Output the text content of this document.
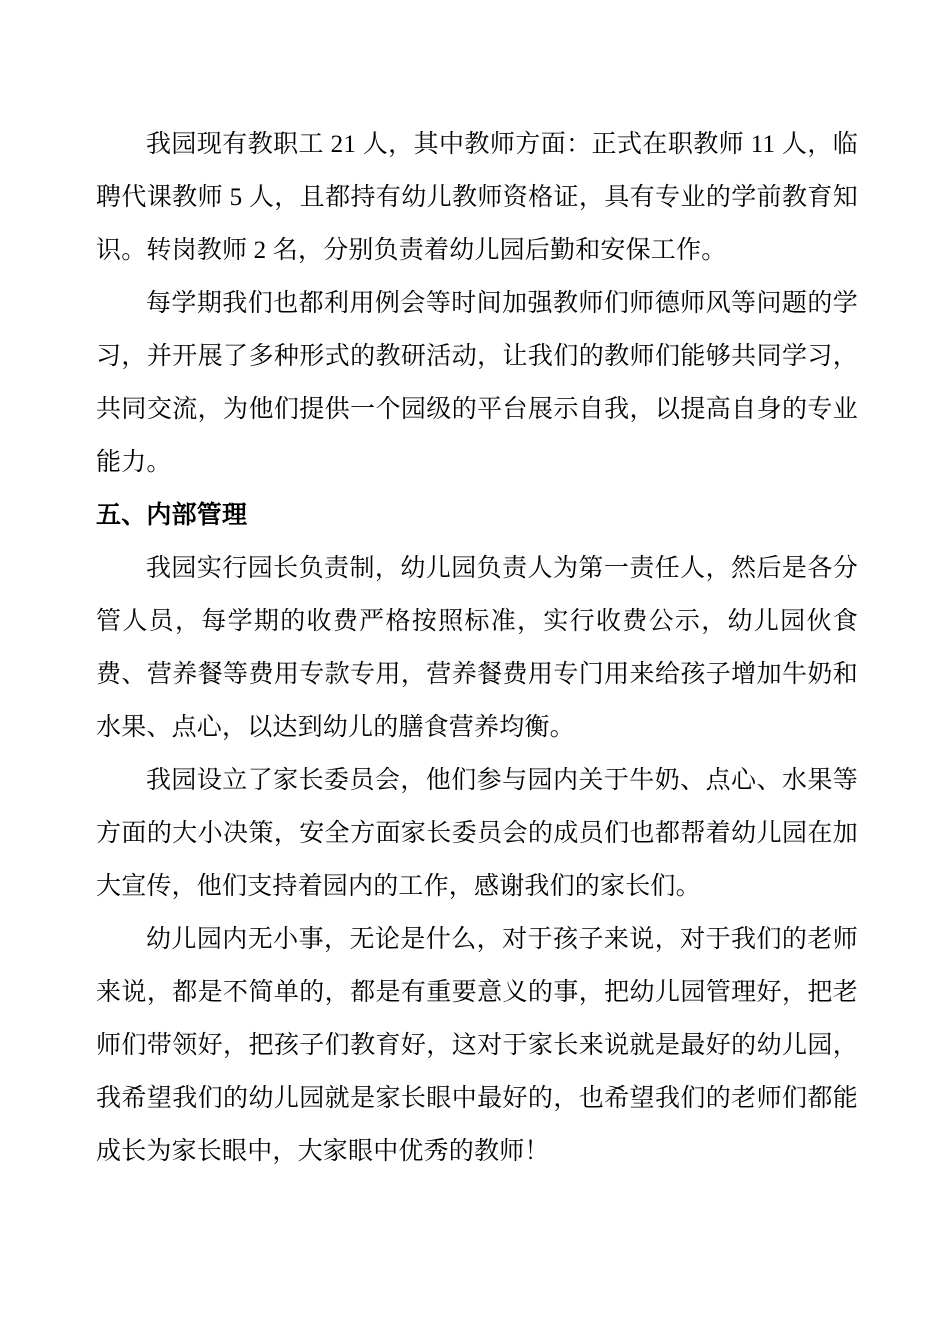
我园现有教职工 21 人，其中教师方面：正式在职教师 11 人，临聘代课教师 5 人，且都持有幼儿教师资格证，具有专业的学前教育知识。转岗教师 2 名，分别负责着幼儿园后勤和安保工作。

每学期我们也都利用例会等时间加强教师们师德师风等问题的学习，并开展了多种形式的教研活动，让我们的教师们能够共同学习，共同交流，为他们提供一个园级的平台展示自我，以提高自身的专业能力。

五、内部管理

我园实行园长负责制，幼儿园负责人为第一责任人，然后是各分管人员，每学期的收费严格按照标准，实行收费公示，幼儿园伙食费、营养餐等费用专款专用，营养餐费用专门用来给孩子增加牛奶和水果、点心，以达到幼儿的膳食营养均衡。

我园设立了家长委员会，他们参与园内关于牛奶、点心、水果等方面的大小决策，安全方面家长委员会的成员们也都帮着幼儿园在加大宣传，他们支持着园内的工作，感谢我们的家长们。

幼儿园内无小事，无论是什么，对于孩子来说，对于我们的老师来说，都是不简单的，都是有重要意义的事，把幼儿园管理好，把老师们带领好，把孩子们教育好，这对于家长来说就是最好的幼儿园，我希望我们的幼儿园就是家长眼中最好的，也希望我们的老师们都能成长为家长眼中，大家眼中优秀的教师！
